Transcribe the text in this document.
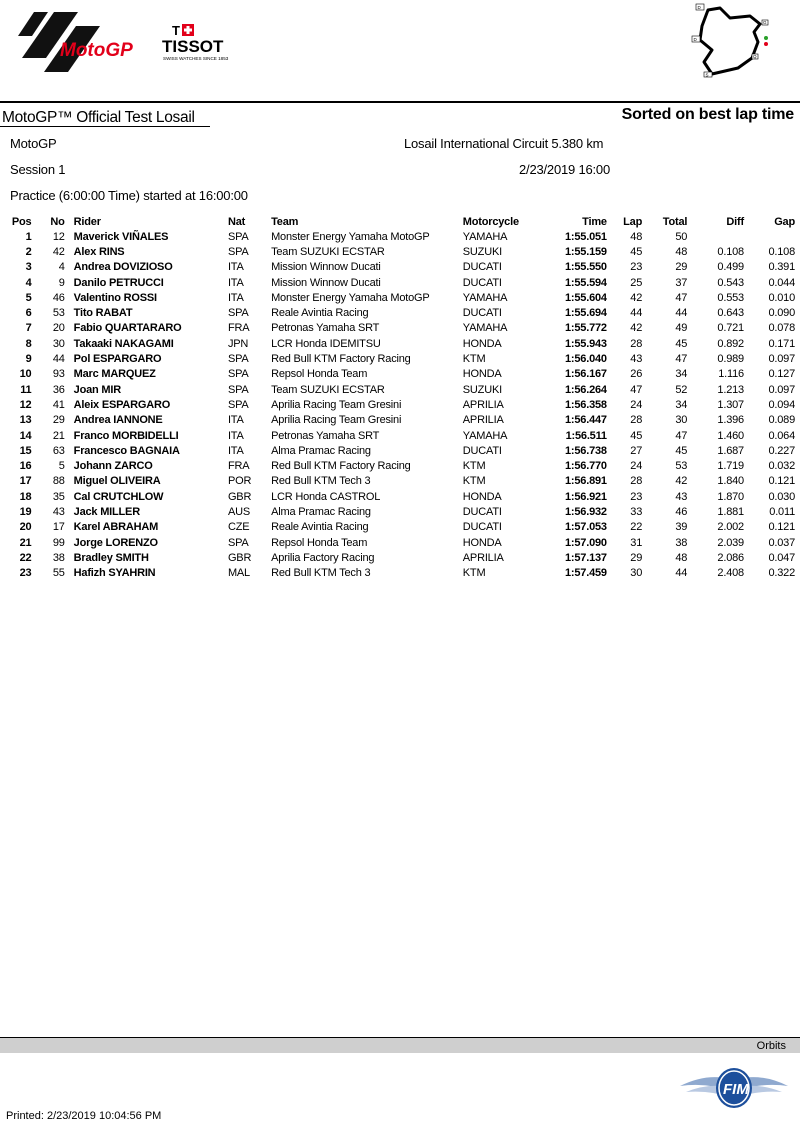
MotoGP
T
TISSOT
SWISS WATCHES SINCE 1853
D
D
G
Q
S
MotoGP™ Official Test Losail	Sorted on best lap time
MotoGP	Losail International Circuit 5.380 km
Session 1	2/23/2019 16:00
Practice (6:00:00 Time) started at 16:00:00
Pos	No	Rider	Nat	Team	Motorcycle	Time	Lap	Total	Diff	Gap
1	12	Maverick VIÑALES	SPA	Monster Energy Yamaha MotoGP	YAMAHA	1:55.051	48	50		
2	42	Alex RINS	SPA	Team SUZUKI ECSTAR	SUZUKI	1:55.159	45	48	0.108	0.108
3	4	Andrea DOVIZIOSO	ITA	Mission Winnow Ducati	DUCATI	1:55.550	23	29	0.499	0.391
4	9	Danilo PETRUCCI	ITA	Mission Winnow Ducati	DUCATI	1:55.594	25	37	0.543	0.044
5	46	Valentino ROSSI	ITA	Monster Energy Yamaha MotoGP	YAMAHA	1:55.604	42	47	0.553	0.010
6	53	Tito RABAT	SPA	Reale Avintia Racing	DUCATI	1:55.694	44	44	0.643	0.090
7	20	Fabio QUARTARARO	FRA	Petronas Yamaha SRT	YAMAHA	1:55.772	42	49	0.721	0.078
8	30	Takaaki NAKAGAMI	JPN	LCR Honda IDEMITSU	HONDA	1:55.943	28	45	0.892	0.171
9	44	Pol ESPARGARO	SPA	Red Bull KTM Factory Racing	KTM	1:56.040	43	47	0.989	0.097
10	93	Marc MARQUEZ	SPA	Repsol Honda Team	HONDA	1:56.167	26	34	1.116	0.127
11	36	Joan MIR	SPA	Team SUZUKI ECSTAR	SUZUKI	1:56.264	47	52	1.213	0.097
12	41	Aleix ESPARGARO	SPA	Aprilia Racing Team Gresini	APRILIA	1:56.358	24	34	1.307	0.094
13	29	Andrea IANNONE	ITA	Aprilia Racing Team Gresini	APRILIA	1:56.447	28	30	1.396	0.089
14	21	Franco MORBIDELLI	ITA	Petronas Yamaha SRT	YAMAHA	1:56.511	45	47	1.460	0.064
15	63	Francesco BAGNAIA	ITA	Alma Pramac Racing	DUCATI	1:56.738	27	45	1.687	0.227
16	5	Johann ZARCO	FRA	Red Bull KTM Factory Racing	KTM	1:56.770	24	53	1.719	0.032
17	88	Miguel OLIVEIRA	POR	Red Bull KTM Tech 3	KTM	1:56.891	28	42	1.840	0.121
18	35	Cal CRUTCHLOW	GBR	LCR Honda CASTROL	HONDA	1:56.921	23	43	1.870	0.030
19	43	Jack MILLER	AUS	Alma Pramac Racing	DUCATI	1:56.932	33	46	1.881	0.011
20	17	Karel ABRAHAM	CZE	Reale Avintia Racing	DUCATI	1:57.053	22	39	2.002	0.121
21	99	Jorge LORENZO	SPA	Repsol Honda Team	HONDA	1:57.090	31	38	2.039	0.037
22	38	Bradley SMITH	GBR	Aprilia Factory Racing	APRILIA	1:57.137	29	48	2.086	0.047
23	55	Hafizh SYAHRIN	MAL	Red Bull KTM Tech 3	KTM	1:57.459	30	44	2.408	0.322
Orbits
FIM
Printed: 2/23/2019 10:04:56 PM
